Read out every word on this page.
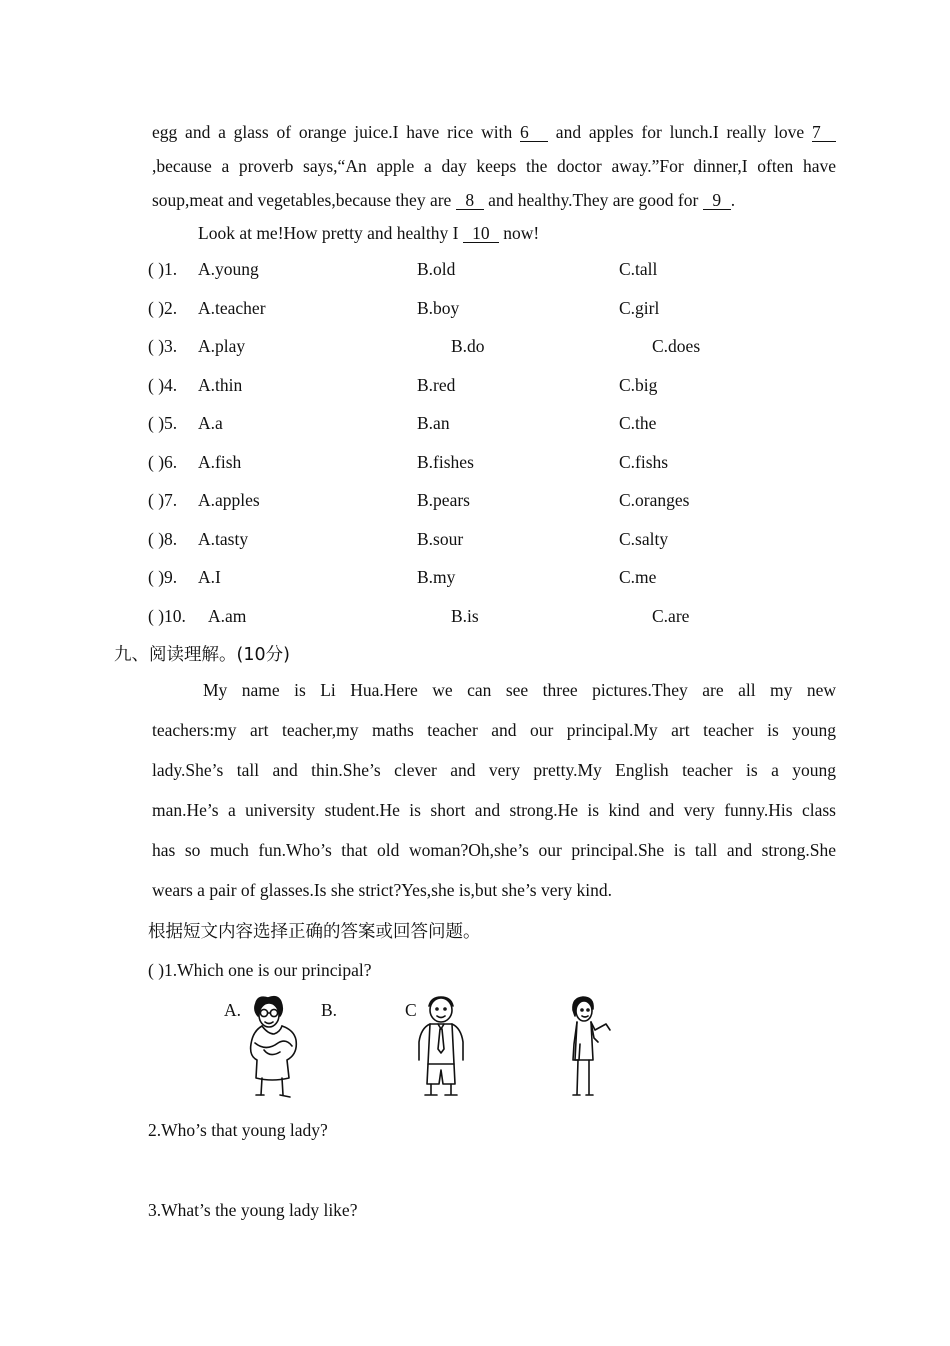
egg and a glass of orange juice.I have rice with 6 and apples for lunch.I really love 7
,because a proverb says,“An apple a day keeps the doctor away.”For dinner,I often have
soup,meat and vegetables,because they are 8 and healthy.They are good for 9 .
Look at me!How pretty and healthy I 10 now!
( )1. A.young	B.old	C.tall
( )2. A.teacher	B.boy	C.girl
( )3. A.play	B.do	C.does
( )4. A.thin	B.red	C.big
( )5. A.a	B.an	C.the
( )6. A.fish	B.fishes	C.fishs
( )7. A.apples	B.pears	C.oranges
( )8. A.tasty	B.sour	C.salty
( )9. A.I	B.my	C.me
( )10. A.am	B.is	C.are
九、阅读理解。(10分)
My name is Li Hua.Here we can see three pictures.They are all my new
teachers:my art teacher,my maths teacher and our principal.My art teacher is young
lady.She’s tall and thin.She’s clever and very pretty.My English teacher is a young
man.He’s a university student.He is short and strong.He is kind and very funny.His class
has so much fun.Who’s that old woman?Oh,she’s our principal.She is tall and strong.She
wears a pair of glasses.Is she strict?Yes,she is,but she’s very kind.
根据短文内容选择正确的答案或回答问题。
( )1.Which one is our principal?
A.	B.	C
2.Who’s that young lady?
3.What’s the young lady like?
